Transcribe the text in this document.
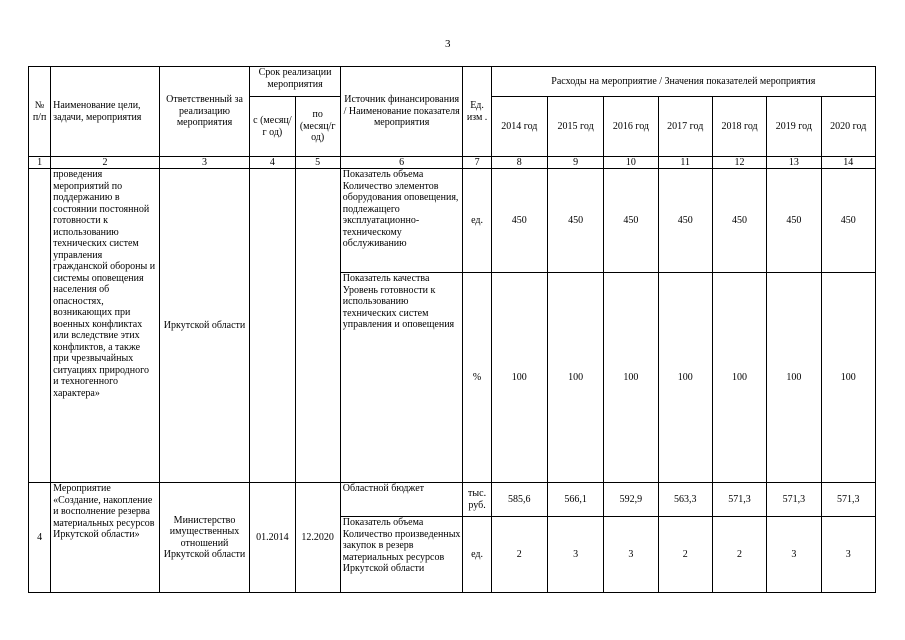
3
№ п/п	Наименование цели, задачи, мероприятия	Ответственный за реализацию мероприятия	Срок реализации мероприятия		Источник финансирования / Наименование показателя мероприятия	Ед. изм .	Расходы на мероприятие / Значения показателей мероприятия						
			с (месяц/г од)	по (месяц/г од)			2014 год	2015 год	2016 год	2017 год	2018 год	2019 год	2020 год
1	2	3	4	5	6	7	8	9	10	11	12	13	14
	проведения мероприятий по поддержанию в состоянии постоянной готовности к использованию технических систем управления гражданской обороны и системы оповещения населения об опасностях, возникающих при военных конфликтах или вследствие этих конфликтов, а также при чрезвычайных ситуациях природного и техногенного характера»	Иркутской области			Показатель объема Количество элементов оборудования оповещения, подлежащего эксплуатационно-техническому обслуживанию	ед.	450	450	450	450	450	450	450
					Показатель качества Уровень готовности к использованию технических систем управления и оповещения	%	100	100	100	100	100	100	100
4	Мероприятие «Создание, накопление и восполнение резерва материальных ресурсов Иркутской области»	Министерство имущественных отношений Иркутской области	01.2014	12.2020	Областной бюджет	тыс. руб.	585,6	566,1	592,9	563,3	571,3	571,3	571,3
					Показатель объема Количество произведенных закупок в резерв материальных ресурсов Иркутской области	ед.	2	3	3	2	2	3	3
